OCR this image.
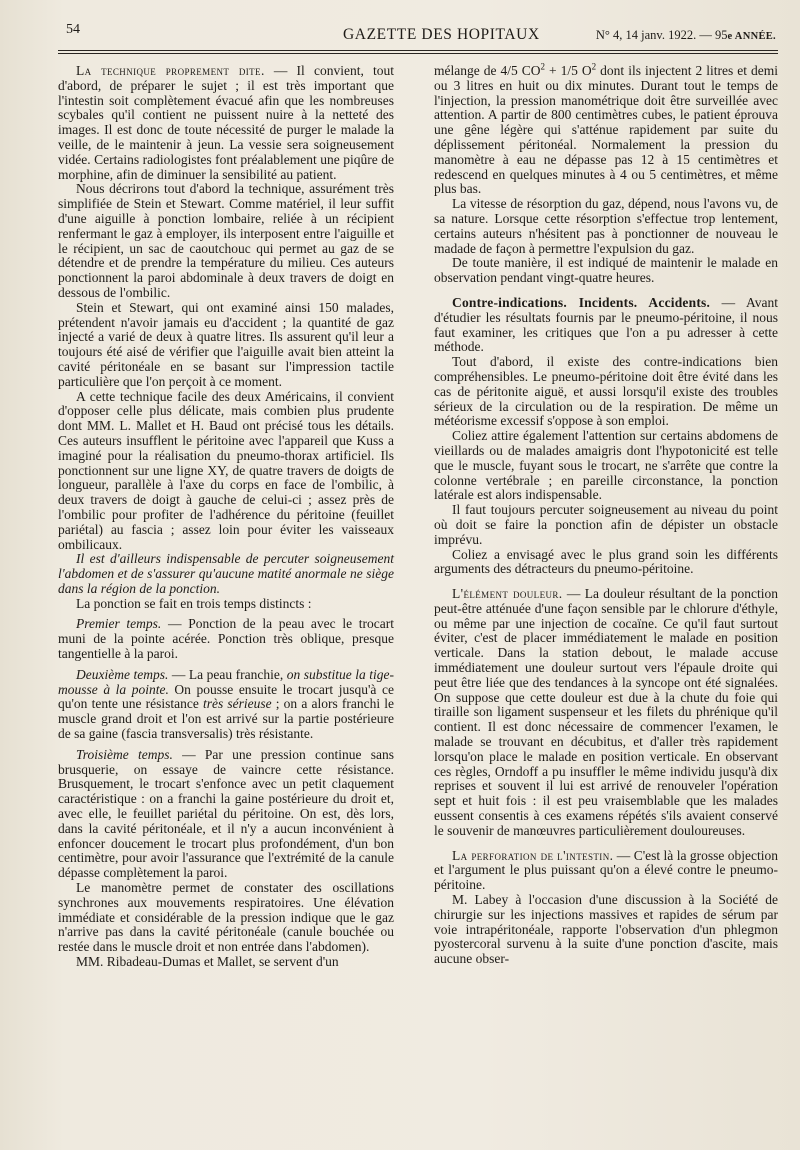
54	GAZETTE DES HOPITAUX	N° 4, 14 janv. 1922. — 95e ANNÉE.

La technique proprement dite. — Il convient, tout d'abord, de préparer le sujet ; il est très important que l'intestin soit complètement évacué afin que les nombreuses scybales qu'il contient ne puissent nuire à la netteté des images. Il est donc de toute nécessité de purger le malade la veille, de le maintenir à jeun. La vessie sera soigneusement vidée. Certains radiologistes font préalablement une piqûre de morphine, afin de diminuer la sensibilité au patient.

Nous décrirons tout d'abord la technique, assurément très simplifiée de Stein et Stewart. Comme matériel, il leur suffit d'une aiguille à ponction lombaire, reliée à un récipient renfermant le gaz à employer, ils interposent entre l'aiguille et le récipient, un sac de caoutchouc qui permet au gaz de se détendre et de prendre la température du milieu. Ces auteurs ponctionnent la paroi abdominale à deux travers de doigt en dessous de l'ombilic.

Stein et Stewart, qui ont examiné ainsi 150 malades, prétendent n'avoir jamais eu d'accident ; la quantité de gaz injecté a varié de deux à quatre litres. Ils assurent qu'il leur a toujours été aisé de vérifier que l'aiguille avait bien atteint la cavité péritonéale en se basant sur l'impression tactile particulière que l'on perçoit à ce moment.

A cette technique facile des deux Américains, il convient d'opposer celle plus délicate, mais combien plus prudente dont MM. L. Mallet et H. Baud ont précisé tous les détails. Ces auteurs insufflent le péritoine avec l'appareil que Kuss a imaginé pour la réalisation du pneumo-thorax artificiel. Ils ponctionnent sur une ligne XY, de quatre travers de doigts de longueur, parallèle à l'axe du corps en face de l'ombilic, à deux travers de doigt à gauche de celui-ci ; assez près de l'ombilic pour profiter de l'adhérence du péritoine (feuillet pariétal) au fascia ; assez loin pour éviter les vaisseaux ombilicaux.

Il est d'ailleurs indispensable de percuter soigneusement l'abdomen et de s'assurer qu'aucune matité anormale ne siège dans la région de la ponction.

La ponction se fait en trois temps distincts :

Premier temps. — Ponction de la peau avec le trocart muni de la pointe acérée. Ponction très oblique, presque tangentielle à la paroi.

Deuxième temps. — La peau franchie, on substitue la tige-mousse à la pointe. On pousse ensuite le trocart jusqu'à ce qu'on tente une résistance très sérieuse ; on a alors franchi le muscle grand droit et l'on est arrivé sur la partie postérieure de sa gaine (fascia transversalis) très résistante.

Troisième temps. — Par une pression continue sans brusquerie, on essaye de vaincre cette résistance. Brusquement, le trocart s'enfonce avec un petit claquement caractéristique : on a franchi la gaine postérieure du droit et, avec elle, le feuillet pariétal du péritoine. On est, dès lors, dans la cavité péritonéale, et il n'y a aucun inconvénient à enfoncer doucement le trocart plus profondément, d'un bon centimètre, pour avoir l'assurance que l'extrémité de la canule dépasse complètement la paroi.

Le manomètre permet de constater des oscillations synchrones aux mouvements respiratoires. Une élévation immédiate et considérable de la pression indique que le gaz n'arrive pas dans la cavité péritonéale (canule bouchée ou restée dans le muscle droit et non entrée dans l'abdomen).

MM. Ribadeau-Dumas et Mallet, se servent d'un

mélange de 4/5 $CO^2 + 1/5$ $O^2$ dont ils injectent 2 litres et demi ou 3 litres en huit ou dix minutes. Durant tout le temps de l'injection, la pression manométrique doit être surveillée avec attention. A partir de 800 centimètres cubes, le patient éprouva une gêne légère qui s'atténue rapidement par suite du déplissement péritonéal. Normalement la pression du manomètre à eau ne dépasse pas 12 à 15 centimètres et redescend en quelques minutes à 4 ou 5 centimètres, et même plus bas.

La vitesse de résorption du gaz, dépend, nous l'avons vu, de sa nature. Lorsque cette résorption s'effectue trop lentement, certains auteurs n'hésitent pas à ponctionner de nouveau le madade de façon à permettre l'expulsion du gaz.

De toute manière, il est indiqué de maintenir le malade en observation pendant vingt-quatre heures.

Contre-indications. Incidents. Accidents. — Avant d'étudier les résultats fournis par le pneumo-péritoine, il nous faut examiner, les critiques que l'on a pu adresser à cette méthode.

Tout d'abord, il existe des contre-indications bien compréhensibles. Le pneumo-péritoine doit être évité dans les cas de péritonite aiguë, et aussi lorsqu'il existe des troubles sérieux de la circulation ou de la respiration. De même un météorisme excessif s'oppose à son emploi.

Coliez attire également l'attention sur certains abdomens de vieillards ou de malades amaigris dont l'hypotonicité est telle que le muscle, fuyant sous le trocart, ne s'arrête que contre la colonne vertébrale ; en pareille circonstance, la ponction latérale est alors indispensable.

Il faut toujours percuter soigneusement au niveau du point où doit se faire la ponction afin de dépister un obstacle imprévu.

Coliez a envisagé avec le plus grand soin les différents arguments des détracteurs du pneumo-péritoine.

L'élément douleur. — La douleur résultant de la ponction peut-être atténuée d'une façon sensible par le chlorure d'éthyle, ou même par une injection de cocaïne. Ce qu'il faut surtout éviter, c'est de placer immédiatement le malade en position verticale. Dans la station debout, le malade accuse immédiatement une douleur surtout vers l'épaule droite qui peut être liée que des tendances à la syncope ont été signalées. On suppose que cette douleur est due à la chute du foie qui tiraille son ligament suspenseur et les filets du phrénique qu'il contient. Il est donc nécessaire de commencer l'examen, le malade se trouvant en décubitus, et d'aller très rapidement lorsqu'on place le malade en position verticale. En observant ces règles, Orndoff a pu insuffler le même individu jusqu'à dix reprises et souvent il lui est arrivé de renouveler l'opération sept et huit fois : il est peu vraisemblable que les malades eussent consentis à ces examens répétés s'ils avaient conservé le souvenir de manœuvres particulièrement douloureuses.

La perforation de l'intestin. — C'est là la grosse objection et l'argument le plus puissant qu'on a élevé contre le pneumo-péritoine.

M. Labey à l'occasion d'une discussion à la Société de chirurgie sur les injections massives et rapides de sérum par voie intrapéritonéale, rapporte l'observation d'un phlegmon pyostercoral survenu à la suite d'une ponction d'ascite, mais aucune obser-
